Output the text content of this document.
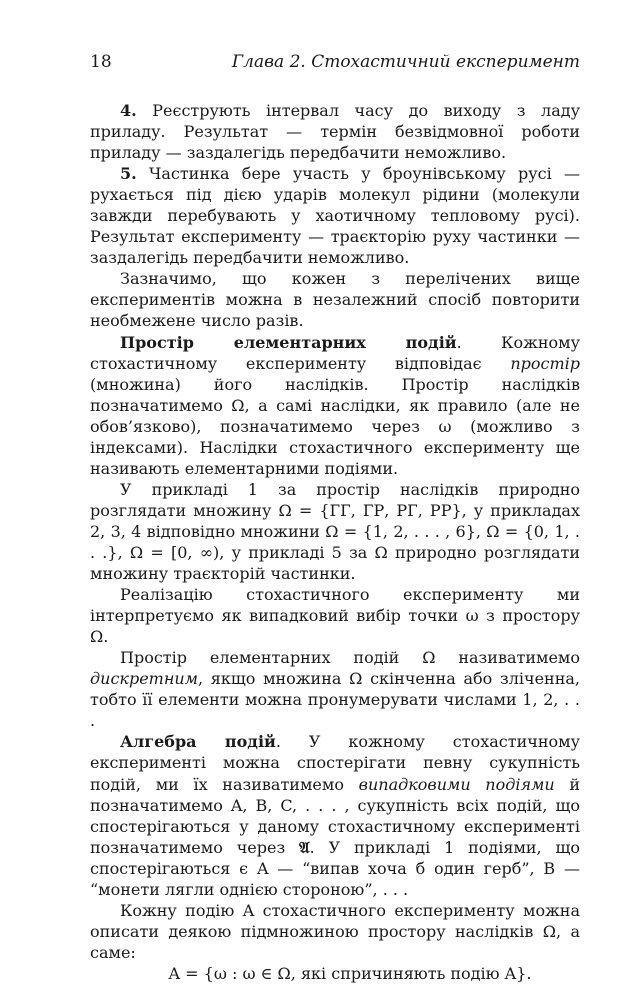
18	Глава 2. Стохастичний експеримент

4. Реєструють інтервал часу до виходу з ладу приладу. Результат — термін безвідмовної роботи приладу — заздалегідь передбачити неможливо.

5. Частинка бере участь у броунівському русі — рухається під дією ударів молекул рідини (молекули завжди перебувають у хаотичному тепловому русі). Результат експерименту — траєкторію руху частинки — заздалегідь передбачити неможливо.

Зазначимо, що кожен з перелічених вище експериментів можна в незалежний спосіб повторити необмежене число разів.

Простір елементарних подій. Кожному стохастичному експерименту відповідає простір (множина) його наслідків. Простір наслідків позначатимемо Ω, а самі наслідки, як правило (але не обов’язково), позначатимемо через ω (можливо з індексами). Наслідки стохастичного експерименту ще називають елементарними подіями.

У прикладі 1 за простір наслідків природно розглядати множину Ω = {ГГ, ГР, РГ, РР}, у прикладах 2, 3, 4 відповідно множини Ω = {1, 2, . . . , 6}, Ω = {0, 1, . . .}, Ω = [0, ∞), у прикладі 5 за Ω природно розглядати множину траєкторій частинки.

Реалізацію стохастичного експерименту ми інтерпретуємо як випадковий вибір точки ω з простору Ω.

Простір елементарних подій Ω називатимемо дискретним, якщо множина Ω скінченна або зліченна, тобто її елементи можна пронумерувати числами 1, 2, . . .

Алгебра подій. У кожному стохастичному експерименті можна спостерігати певну сукупність подій, ми їх називатимемо випадковими подіями й позначатимемо A, B, C, . . . , сукупність всіх подій, що спостерігаються у даному стохастичному експерименті позначатимемо через 𝔄. У прикладі 1 подіями, що спостерігаються є A — “випав хоча б один герб”, B — “монети лягли однією стороною”, . . .

Кожну подію A стохастичного експерименту можна описати деякою підмножиною простору наслідків Ω, а саме:

A = {ω : ω ∈ Ω, які спричиняють подію A}.
